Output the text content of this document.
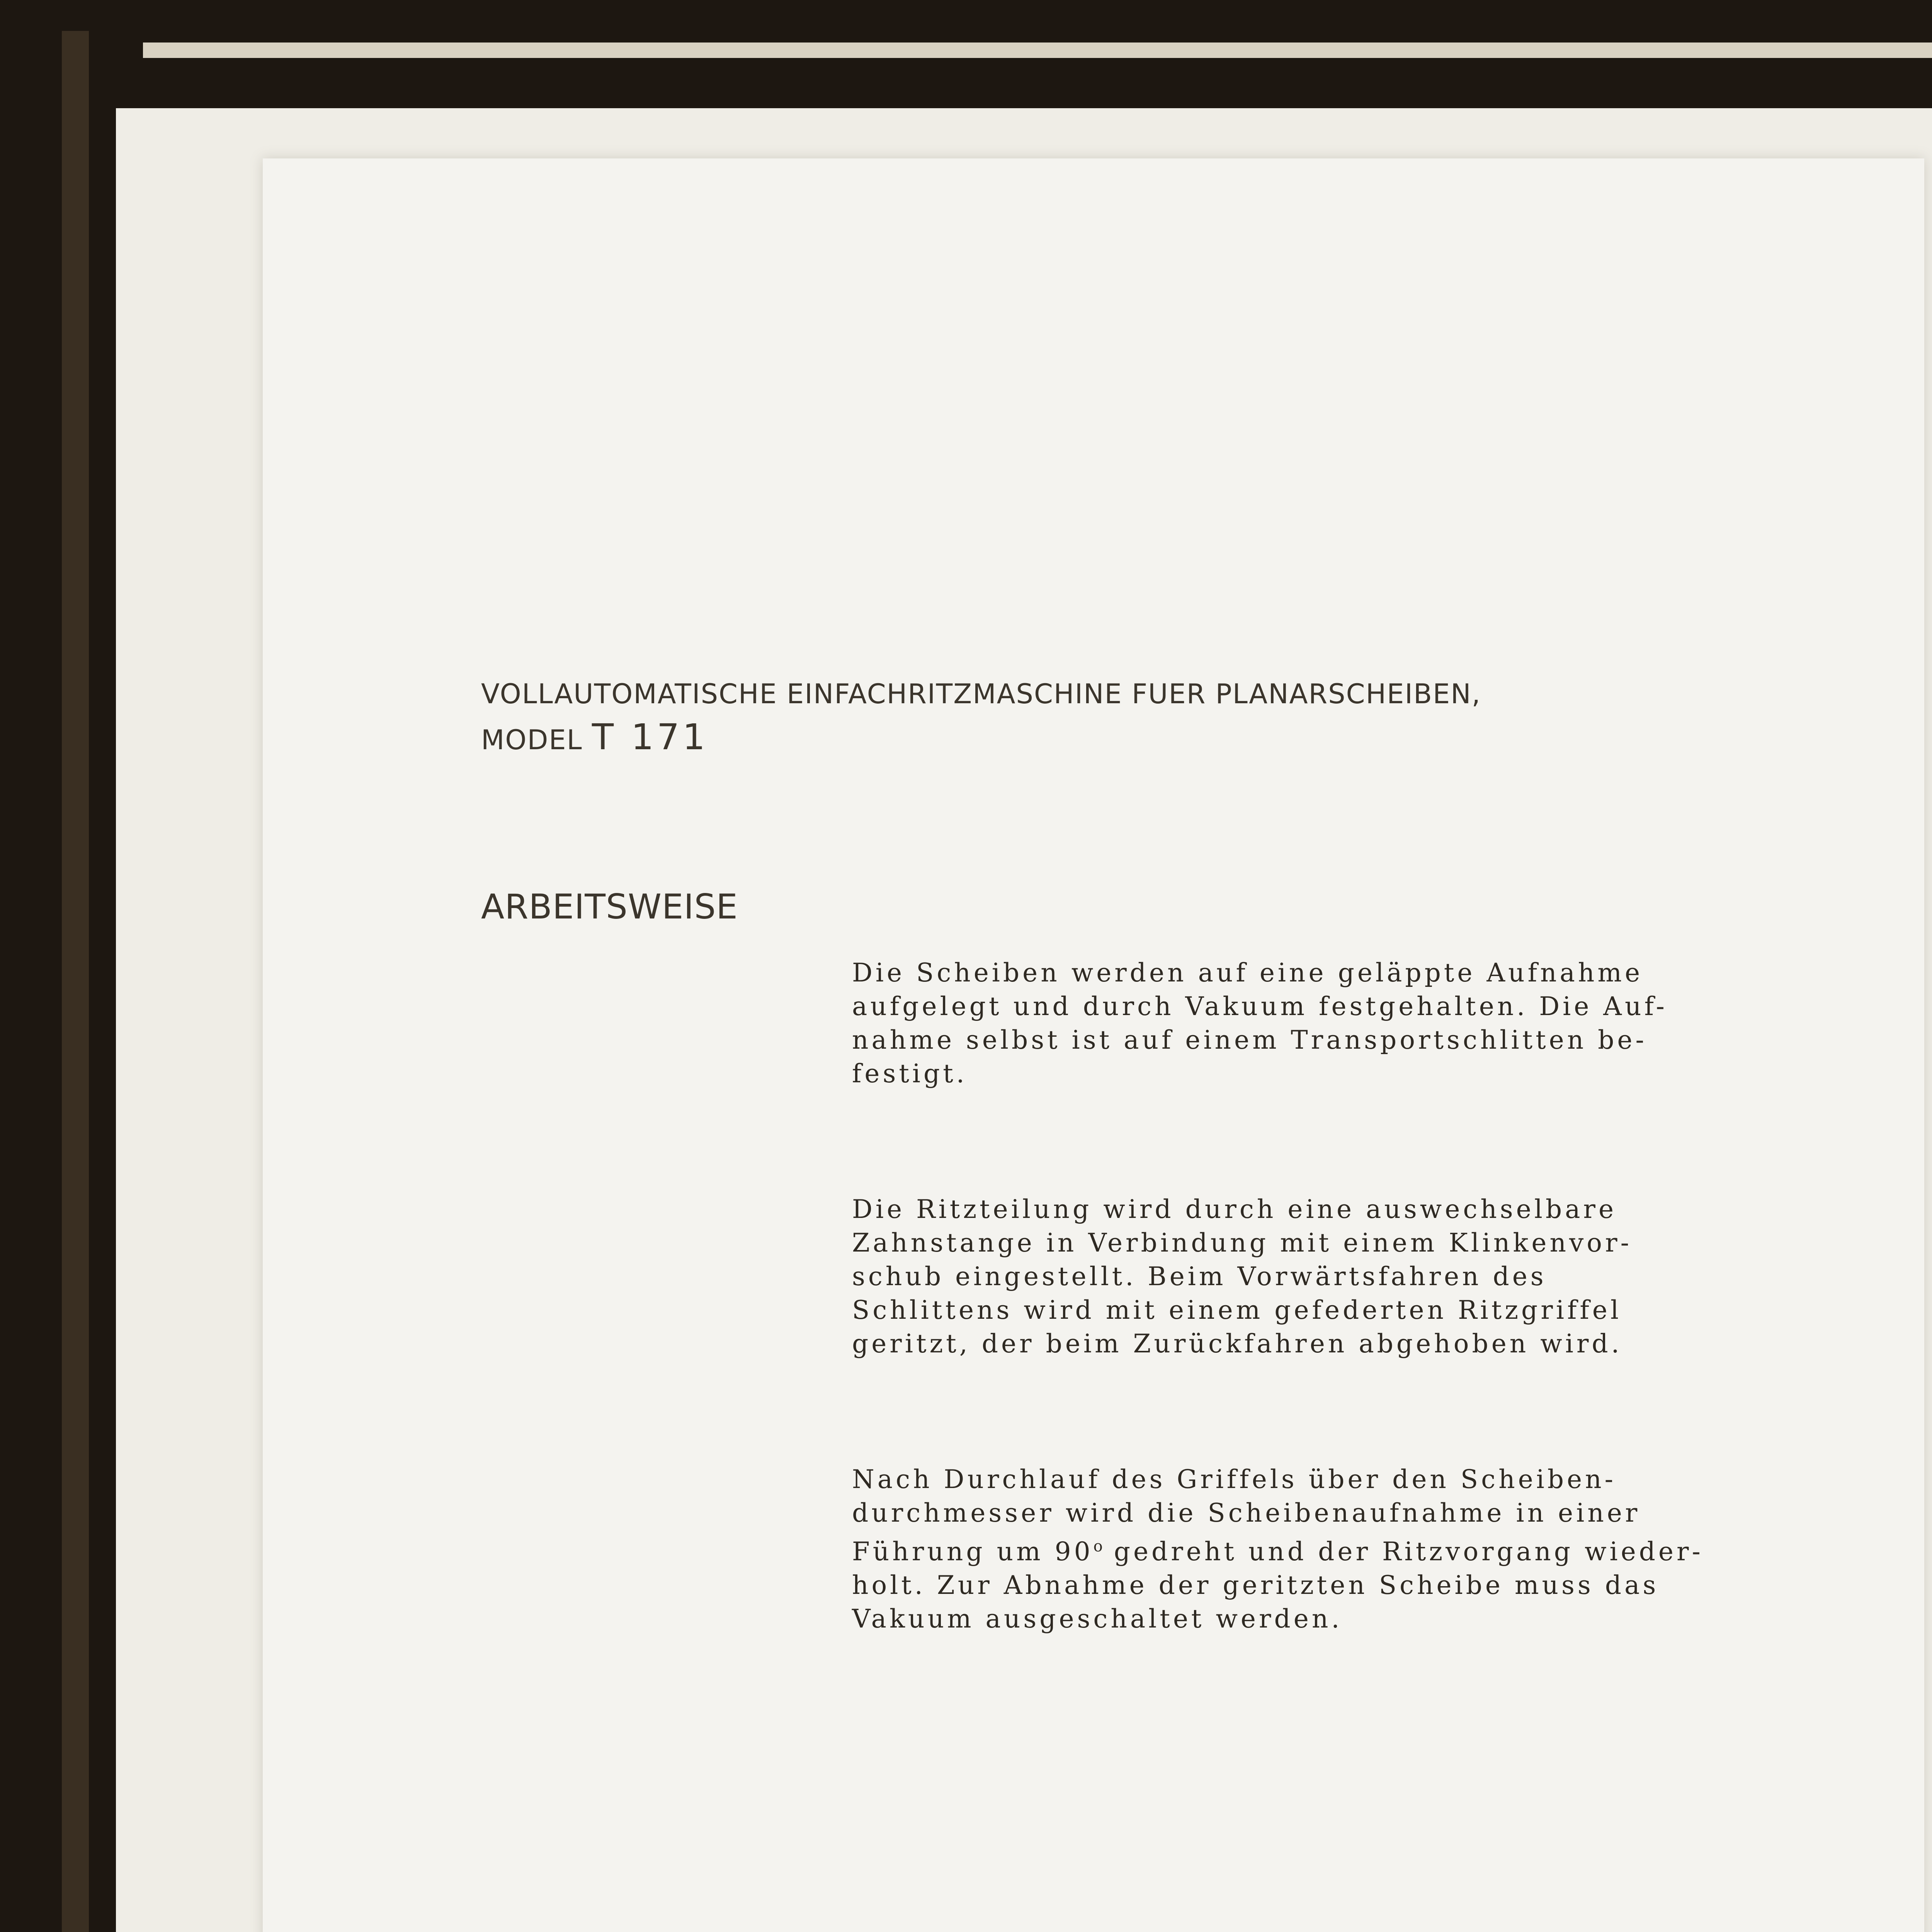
VOLLAUTOMATISCHE EINFACHRITZMASCHINE FUER PLANARSCHEIBEN,
MODEL T 171
ARBEITSWEISE

Die Scheiben werden auf eine geläppte Aufnahme
aufgelegt und durch Vakuum festgehalten. Die Auf-
nahme selbst ist auf einem Transportschlitten be-
festigt.

Die Ritzteilung wird durch eine auswechselbare
Zahnstange in Verbindung mit einem Klinkenvor-
schub eingestellt. Beim Vorwärtsfahren des
Schlittens wird mit einem gefederten Ritzgriffel
geritzt, der beim Zurückfahren abgehoben wird.

Nach Durchlauf des Griffels über den Scheiben-
durchmesser wird die Scheibenaufnahme in einer
Führung um 90$^o$ gedreht und der Ritzvorgang wieder-
holt. Zur Abnahme der geritzten Scheibe muss das
Vakuum ausgeschaltet werden.
